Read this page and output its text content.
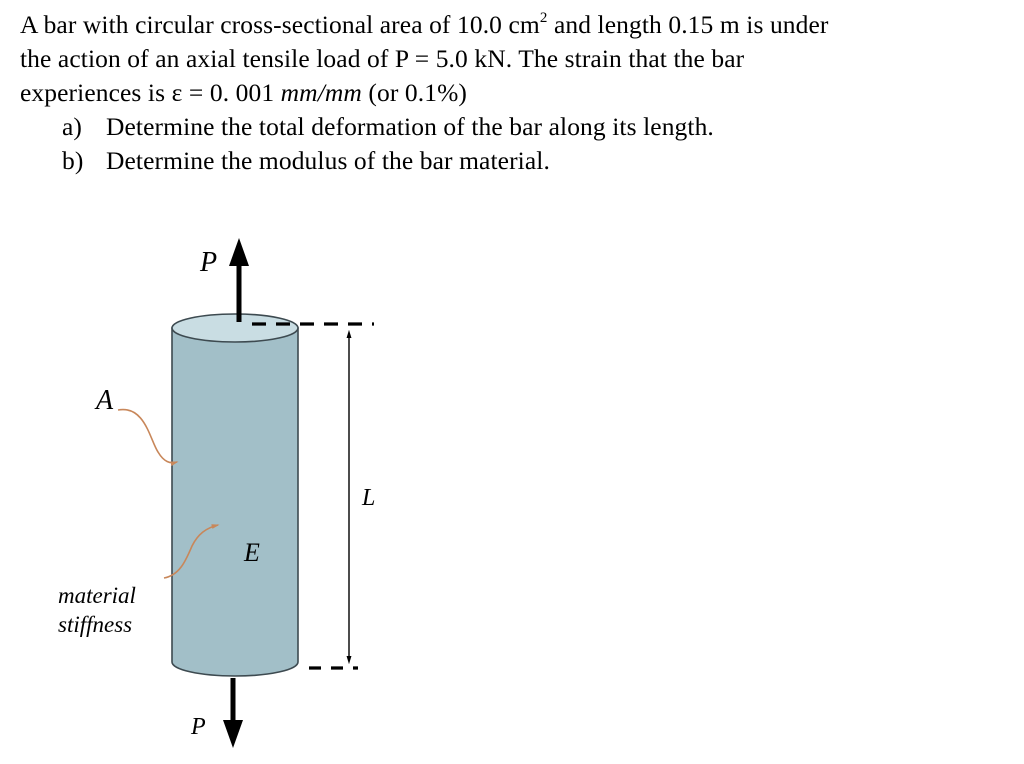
A bar with circular cross-sectional area of 10.0 $cm^2$ and length 0.15 m is under
the action of an axial tensile load of P = 5.0 kN. The strain that the bar
experiences is ε = 0. 001 mm/mm (or 0.1%)
a) Determine the total deformation of the bar along its length.
b) Determine the modulus of the bar material.
P
P
A
E
L
material
stiffness
